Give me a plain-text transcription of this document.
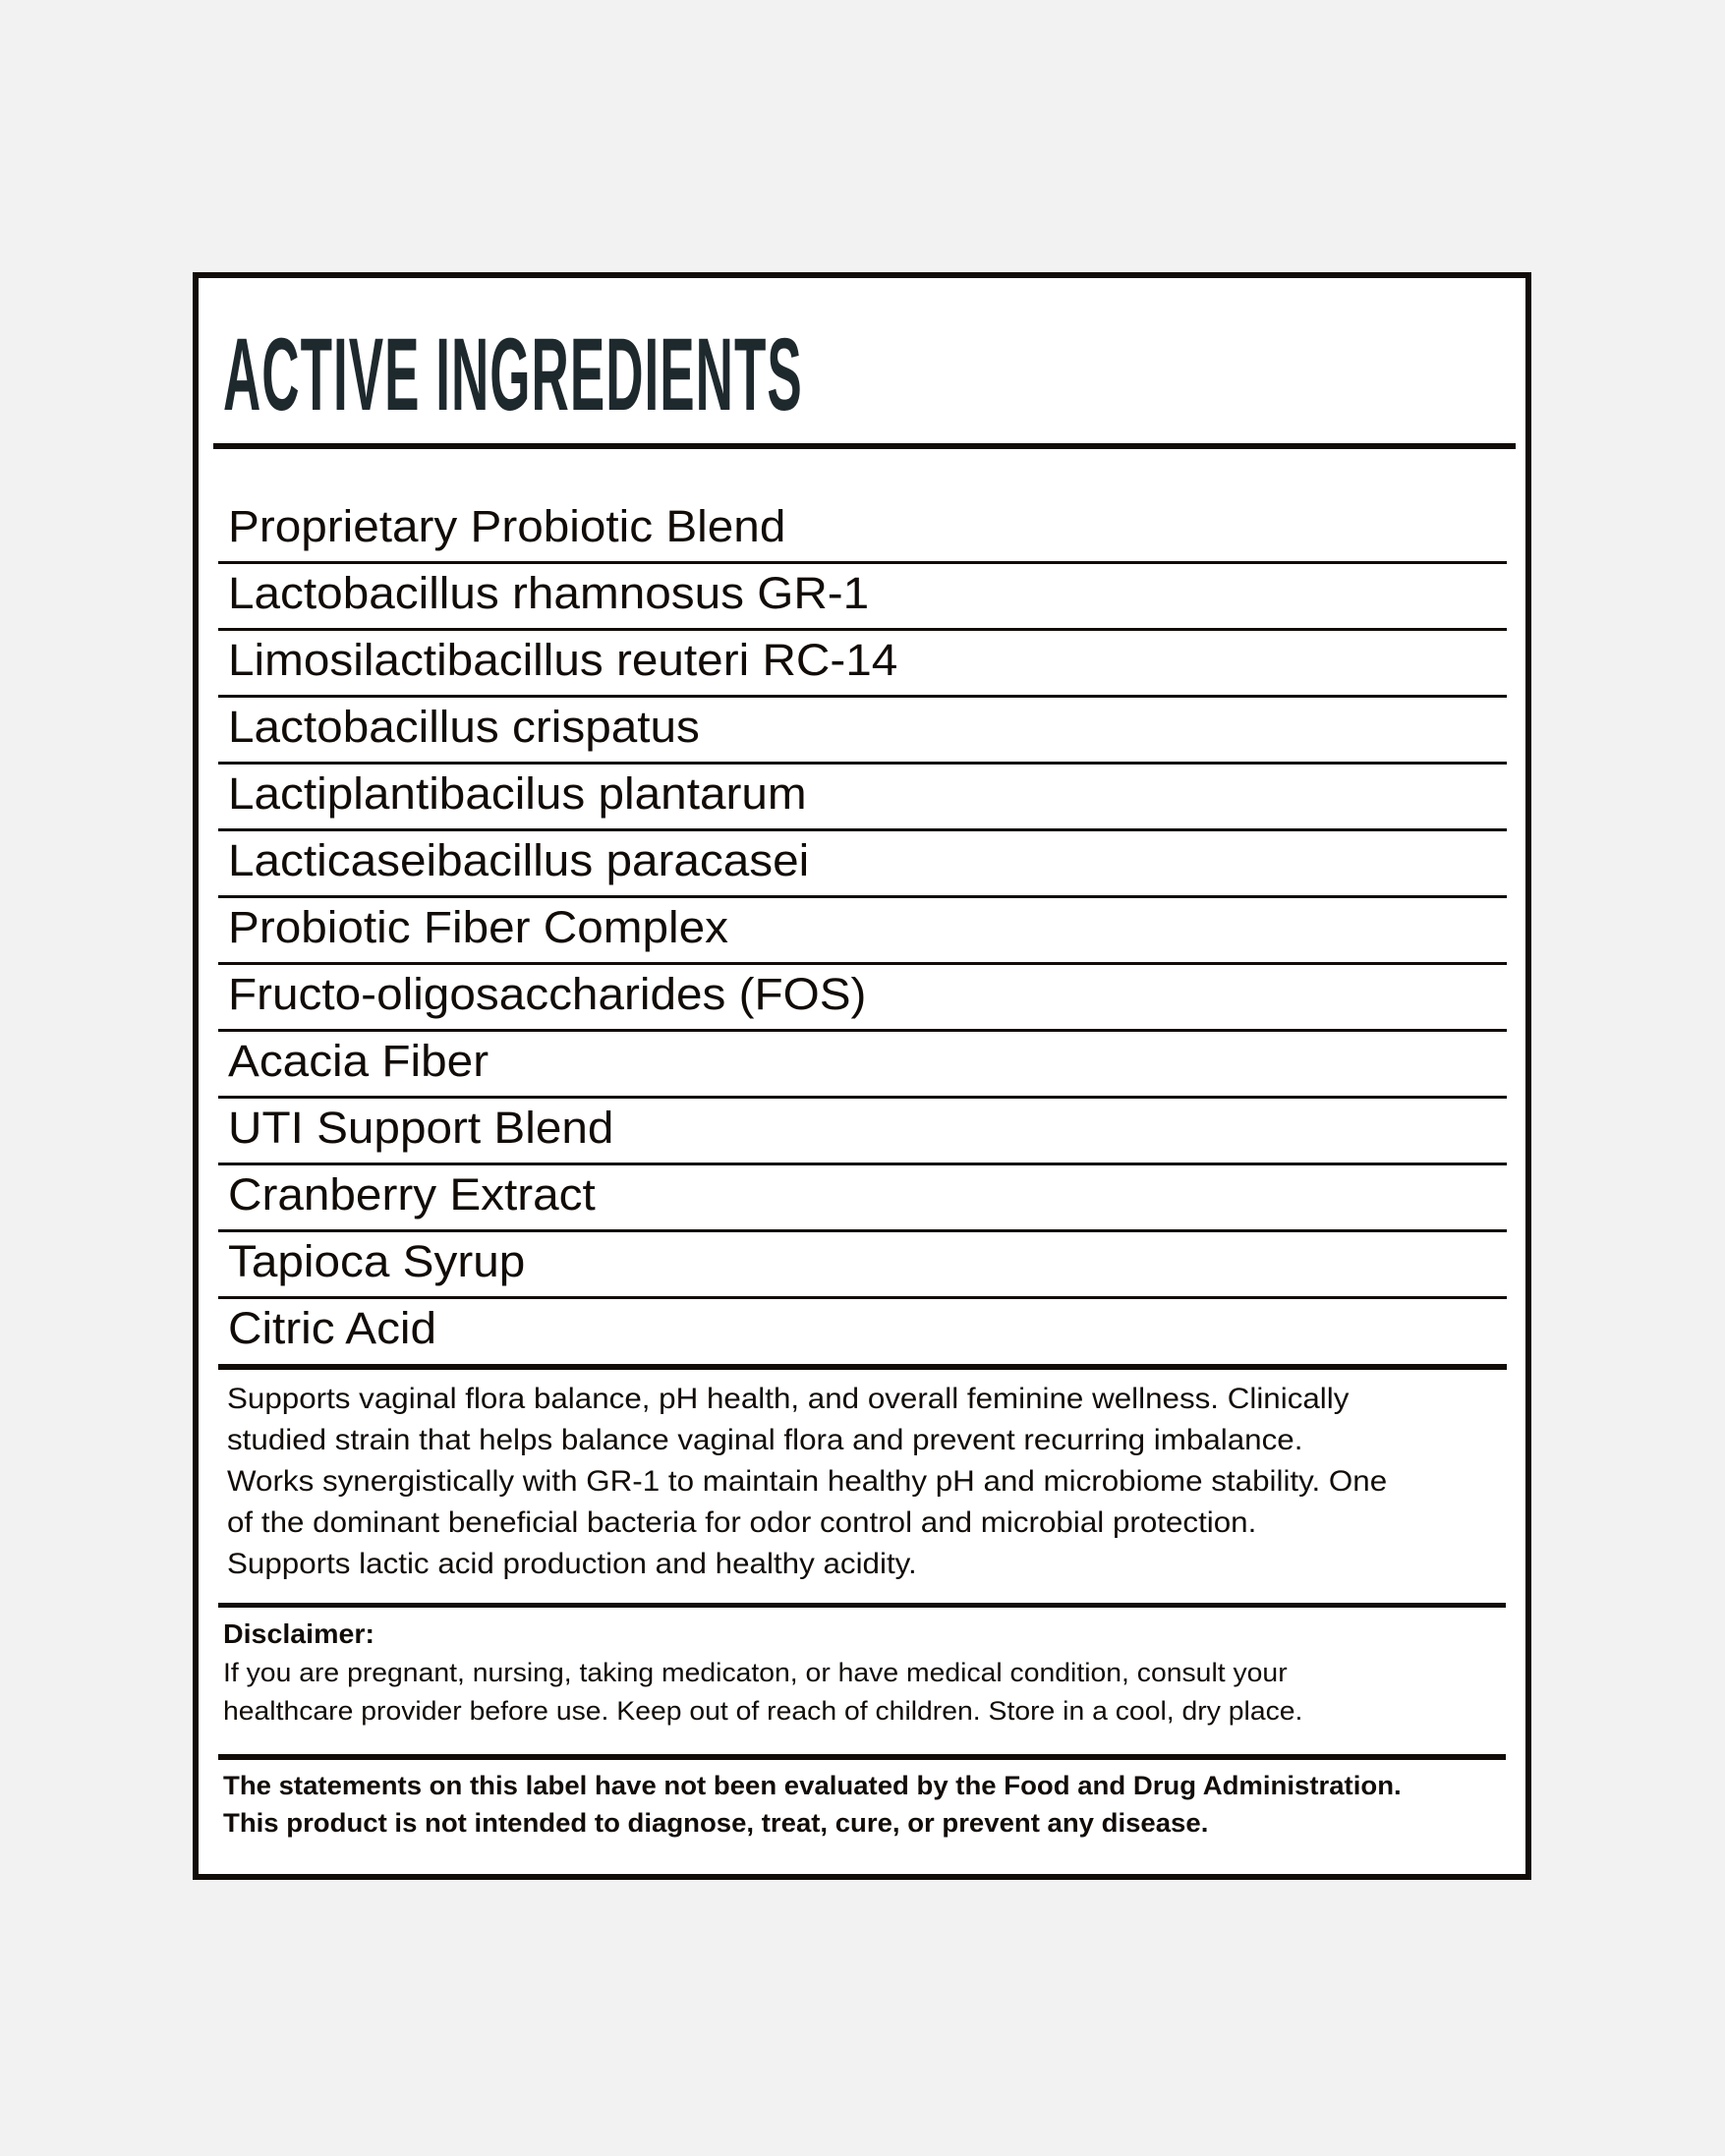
ACTIVE INGREDIENTS
Proprietary Probiotic Blend
Lactobacillus rhamnosus GR-1
Limosilactibacillus reuteri RC-14
Lactobacillus crispatus
Lactiplantibacilus plantarum
Lacticaseibacillus paracasei
Probiotic Fiber Complex
Fructo-oligosaccharides (FOS)
Acacia Fiber
UTI Support Blend
Cranberry Extract
Tapioca Syrup
Citric Acid
Supports vaginal flora balance, pH health, and overall feminine wellness. Clinically
studied strain that helps balance vaginal flora and prevent recurring imbalance.
Works synergistically with GR-1 to maintain healthy pH and microbiome stability. One
of the dominant beneficial bacteria for odor control and microbial protection.
Supports lactic acid production and healthy acidity.
Disclaimer:
If you are pregnant, nursing, taking medicaton, or have medical condition, consult your
healthcare provider before use. Keep out of reach of children. Store in a cool, dry place.
The statements on this label have not been evaluated by the Food and Drug Administration.
This product is not intended to diagnose, treat, cure, or prevent any disease.
